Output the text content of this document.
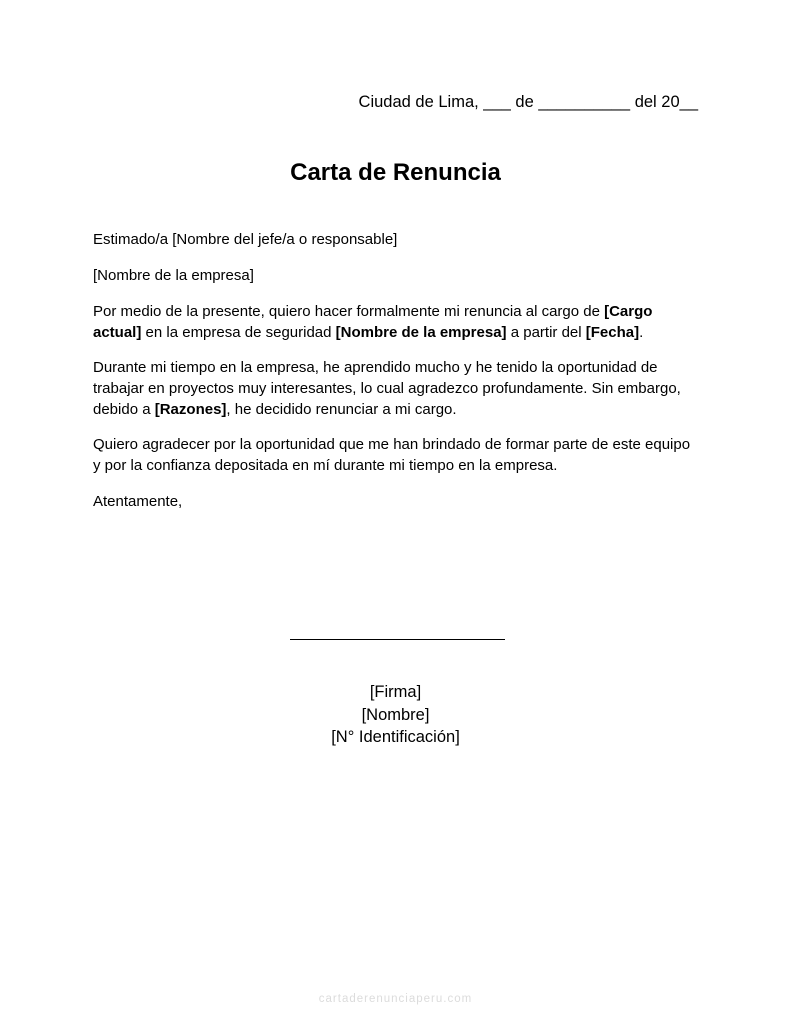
Ciudad de Lima, ___ de __________ del 20__
Carta de Renuncia

Estimado/a [Nombre del jefe/a o responsable]

[Nombre de la empresa]

Por medio de la presente, quiero hacer formalmente mi renuncia al cargo de [Cargo actual] en la empresa de seguridad [Nombre de la empresa] a partir del [Fecha].

Durante mi tiempo en la empresa, he aprendido mucho y he tenido la oportunidad de trabajar en proyectos muy interesantes, lo cual agradezco profundamente. Sin embargo, debido a [Razones], he decidido renunciar a mi cargo.

Quiero agradecer por la oportunidad que me han brindado de formar parte de este equipo y por la confianza depositada en mí durante mi tiempo en la empresa.

Atentamente,

[Firma]
[Nombre]
[N° Identificación]
cartaderenunciaperu.com
